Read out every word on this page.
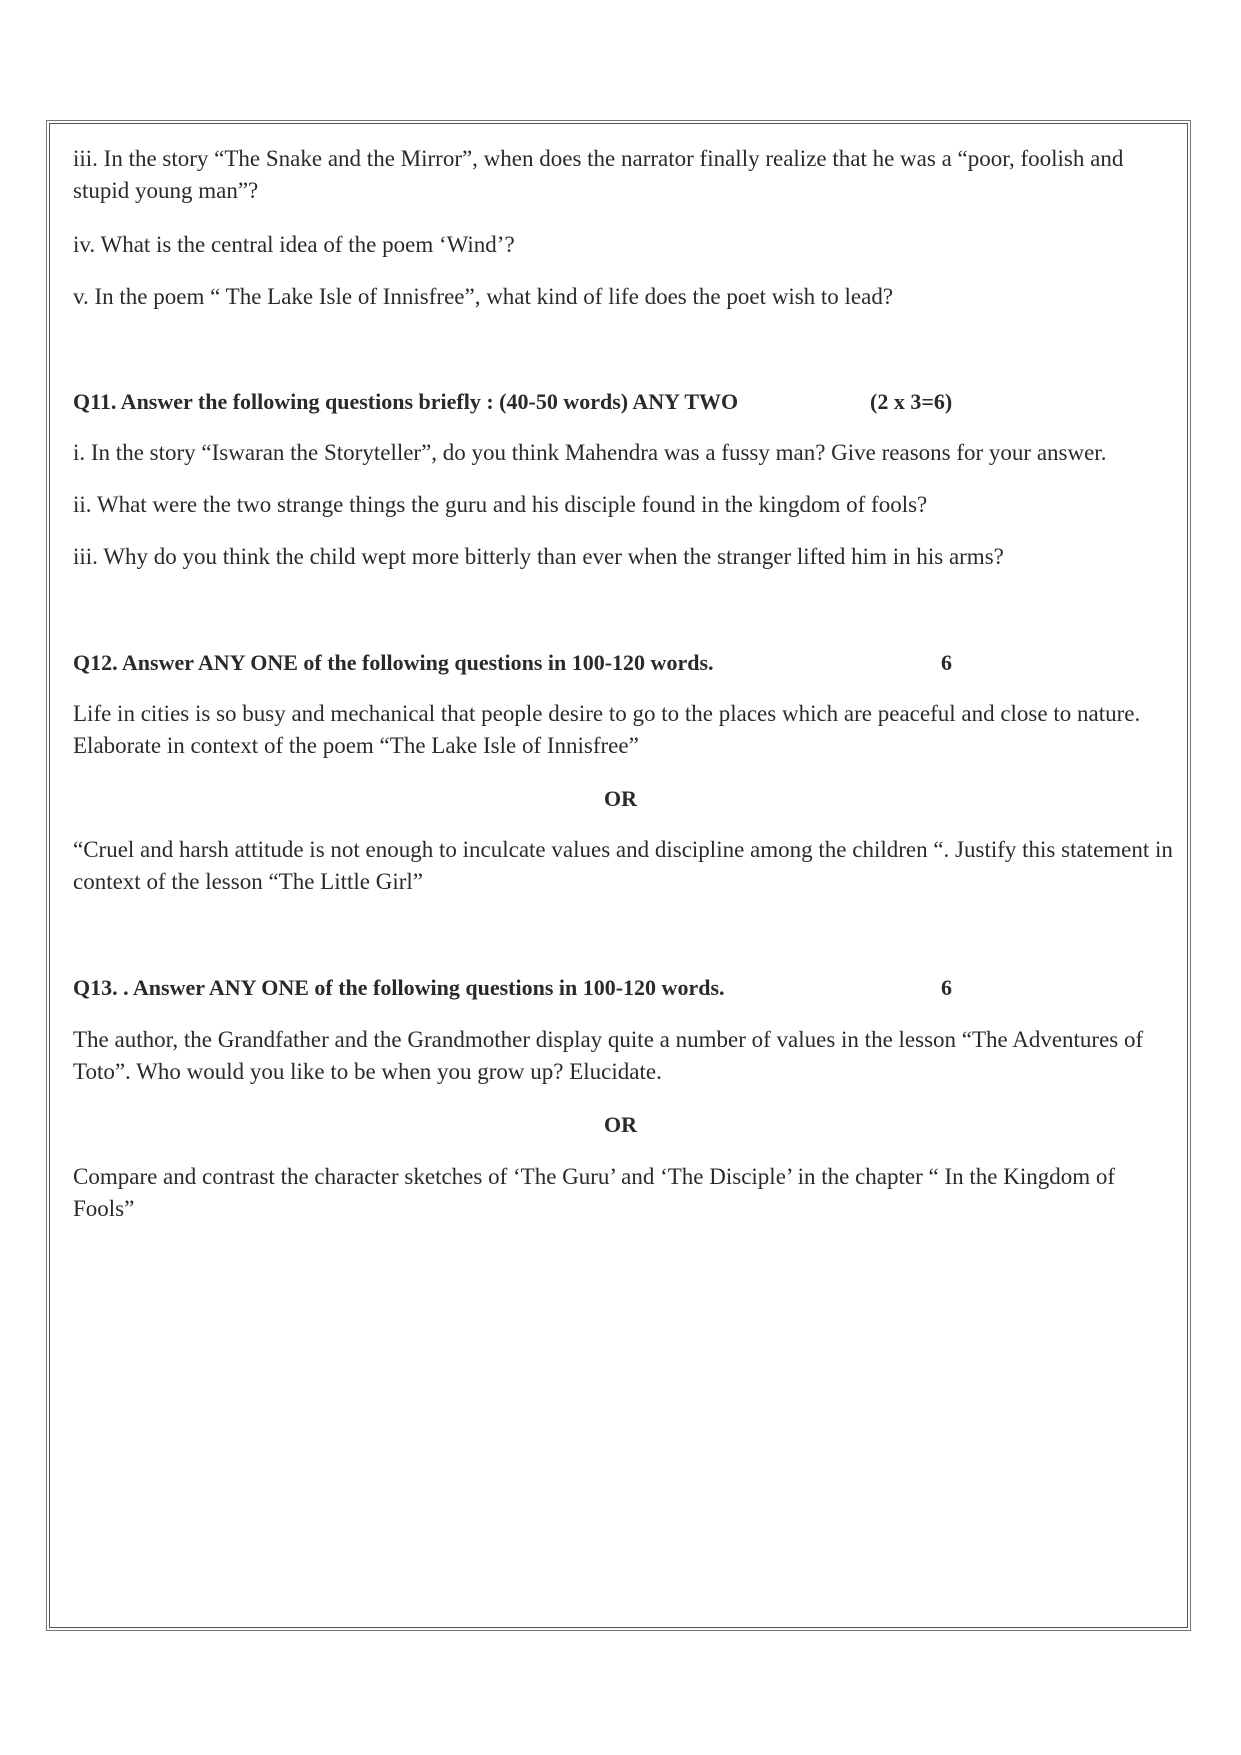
iii. In the story “The Snake and the Mirror”, when does the narrator finally realize that he was a “poor, foolish and stupid young man”?

iv. What is the central idea of the poem ‘Wind’?

v. In the poem “ The Lake Isle of Innisfree”, what kind of life does the poet wish to lead?

Q11. Answer the following questions briefly : (40-50 words) ANY TWO	(2 x 3=6)

i. In the story “Iswaran the Storyteller”, do you think Mahendra was a fussy man? Give reasons for your answer.

ii. What were the two strange things the guru and his disciple found in the kingdom of fools?

iii. Why do you think the child wept more bitterly than ever when the stranger lifted him in his arms?

Q12. Answer ANY ONE of the following questions in 100-120 words.	6

Life in cities is so busy and mechanical that people desire to go to the places which are peaceful and close to nature. Elaborate in context of the poem “The Lake Isle of Innisfree”

OR

“Cruel and harsh attitude is not enough to inculcate values and discipline among the children “. Justify this statement in context of the lesson “The Little Girl”

Q13. . Answer ANY ONE of the following questions in 100-120 words.	6

The author, the Grandfather and the Grandmother display quite a number of values in the lesson “The Adventures of Toto”. Who would you like to be when you grow up? Elucidate.

OR

Compare and contrast the character sketches of ‘The Guru’ and ‘The Disciple’ in the chapter “ In the Kingdom of Fools”
